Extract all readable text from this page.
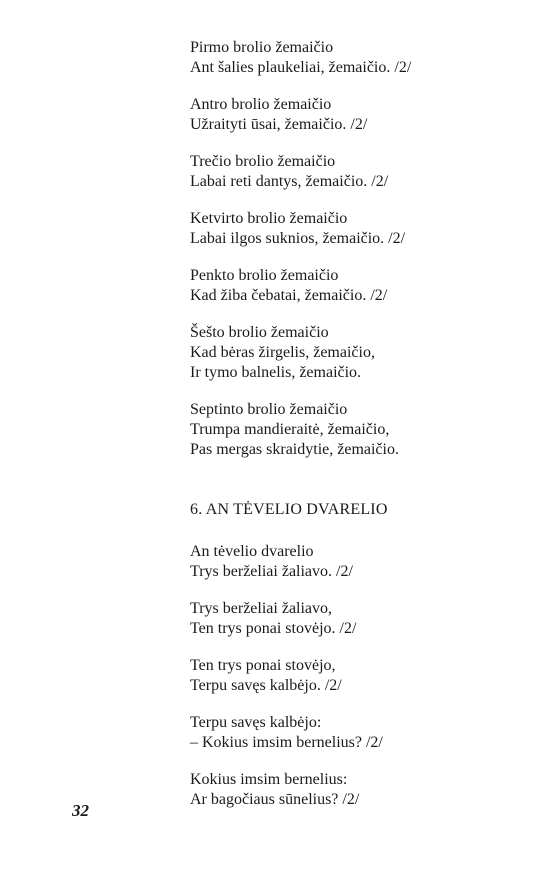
Pirmo brolio žemaičio
Ant šalies plaukeliai, žemaičio. /2/
Antro brolio žemaičio
Užraityti ūsai, žemaičio. /2/
Trečio brolio žemaičio
Labai reti dantys, žemaičio. /2/
Ketvirto brolio žemaičio
Labai ilgos suknios, žemaičio. /2/
Penkto brolio žemaičio
Kad žiba čebatai, žemaičio. /2/
Šešto brolio žemaičio
Kad bėras žirgelis, žemaičio,
Ir tymo balnelis, žemaičio.
Septinto brolio žemaičio
Trumpa mandieraitė, žemaičio,
Pas mergas skraidytie, žemaičio.
6. AN TĖVELIO DVARELIO
An tėvelio dvarelio
Trys berželiai žaliavo. /2/
Trys berželiai žaliavo,
Ten trys ponai stovėjo. /2/
Ten trys ponai stovėjo,
Terpu savęs kalbėjo. /2/
Terpu savęs kalbėjo:
– Kokius imsim bernelius? /2/
Kokius imsim bernelius:
Ar bagočiaus sūnelius? /2/
32
